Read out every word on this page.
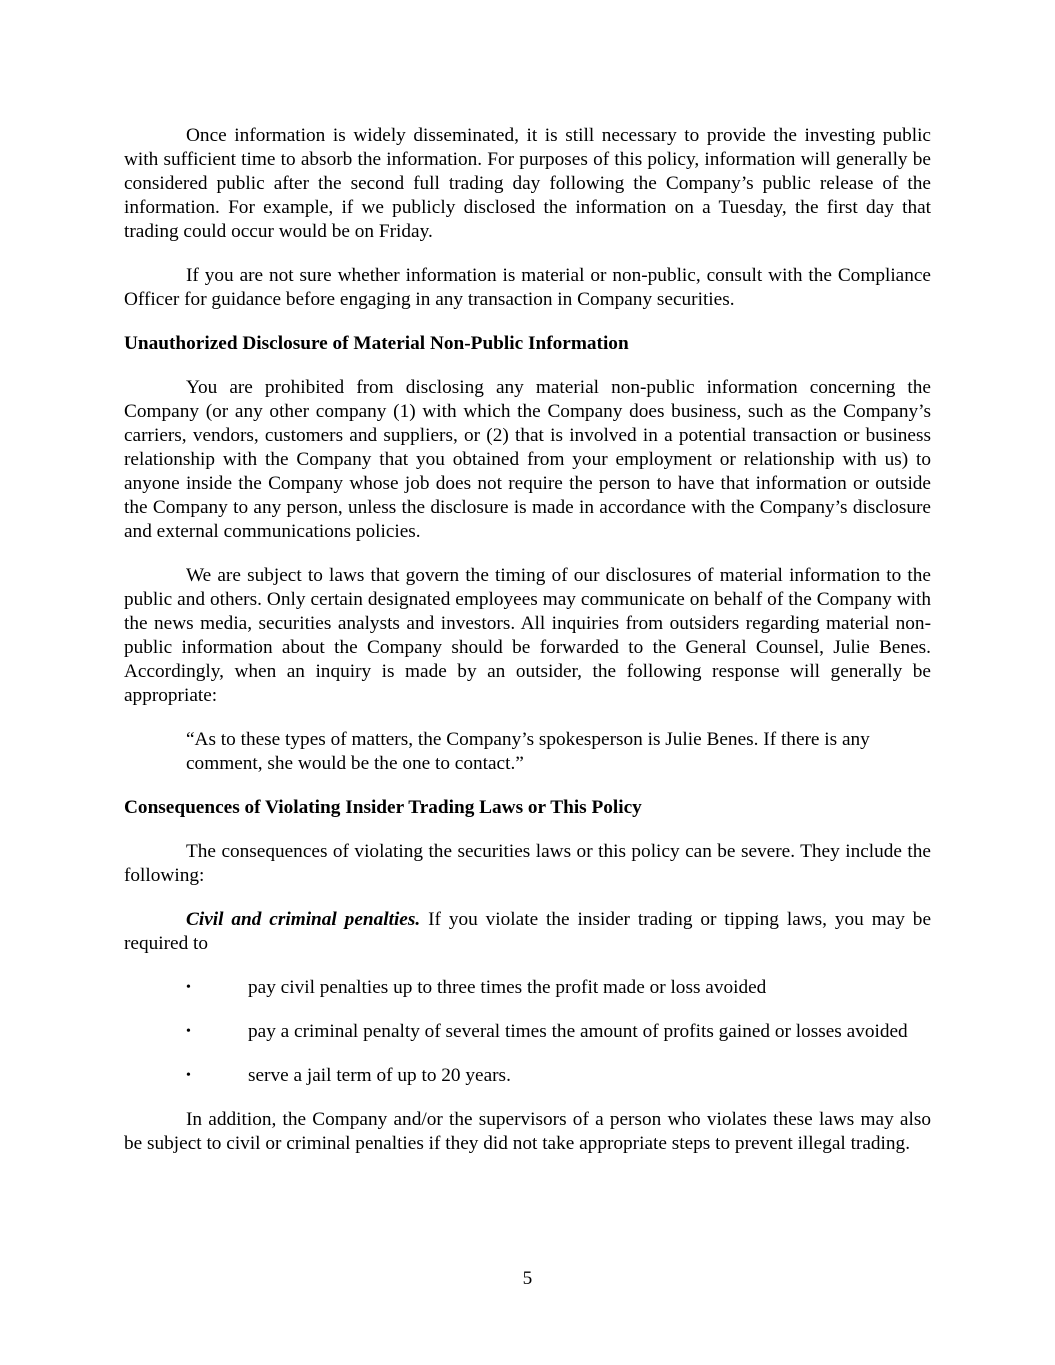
Once information is widely disseminated, it is still necessary to provide the investing public with sufficient time to absorb the information. For purposes of this policy, information will generally be considered public after the second full trading day following the Company’s public release of the information. For example, if we publicly disclosed the information on a Tuesday, the first day that trading could occur would be on Friday.

If you are not sure whether information is material or non-public, consult with the Compliance Officer for guidance before engaging in any transaction in Company securities.

Unauthorized Disclosure of Material Non-Public Information

You are prohibited from disclosing any material non-public information concerning the Company (or any other company (1) with which the Company does business, such as the Company’s carriers, vendors, customers and suppliers, or (2) that is involved in a potential transaction or business relationship with the Company that you obtained from your employment or relationship with us) to anyone inside the Company whose job does not require the person to have that information or outside the Company to any person, unless the disclosure is made in accordance with the Company’s disclosure and external communications policies.

We are subject to laws that govern the timing of our disclosures of material information to the public and others. Only certain designated employees may communicate on behalf of the Company with the news media, securities analysts and investors. All inquiries from outsiders regarding material non-public information about the Company should be forwarded to the General Counsel, Julie Benes. Accordingly, when an inquiry is made by an outsider, the following response will generally be appropriate:

“As to these types of matters, the Company’s spokesperson is Julie Benes. If there is any comment, she would be the one to contact.”

Consequences of Violating Insider Trading Laws or This Policy

The consequences of violating the securities laws or this policy can be severe. They include the following:

Civil and criminal penalties. If you violate the insider trading or tipping laws, you may be required to

•	pay civil penalties up to three times the profit made or loss avoided
•	pay a criminal penalty of several times the amount of profits gained or losses avoided
•	serve a jail term of up to 20 years.

In addition, the Company and/or the supervisors of a person who violates these laws may also be subject to civil or criminal penalties if they did not take appropriate steps to prevent illegal trading.

5
